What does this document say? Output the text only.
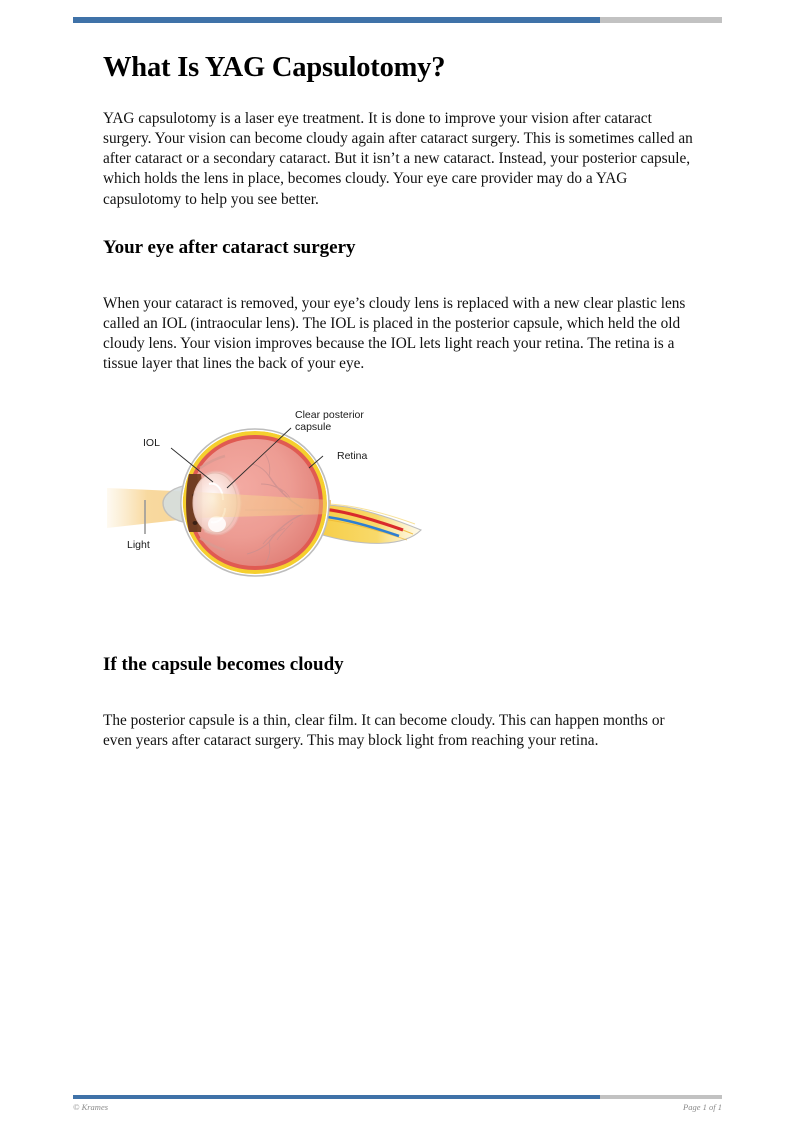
What Is YAG Capsulotomy?

YAG capsulotomy is a laser eye treatment. It is done to improve your vision after cataract surgery. Your vision can become cloudy again after cataract surgery. This is sometimes called an after cataract or a secondary cataract. But it isn’t a new cataract. Instead, your posterior capsule, which holds the lens in place, becomes cloudy. Your eye care provider may do a YAG capsulotomy to help you see better.

Your eye after cataract surgery

When your cataract is removed, your eye’s cloudy lens is replaced with a new clear plastic lens called an IOL (intraocular lens). The IOL is placed in the posterior capsule, which held the old cloudy lens. Your vision improves because the IOL lets light reach your retina. The retina is a tissue layer that lines the back of your eye.

IOL
Light
Clear posterior
capsule
Retina
If the capsule becomes cloudy

The posterior capsule is a thin, clear film. It can become cloudy. This can happen months or even years after cataract surgery. This may block light from reaching your retina.

© Krames	Page 1 of 1
